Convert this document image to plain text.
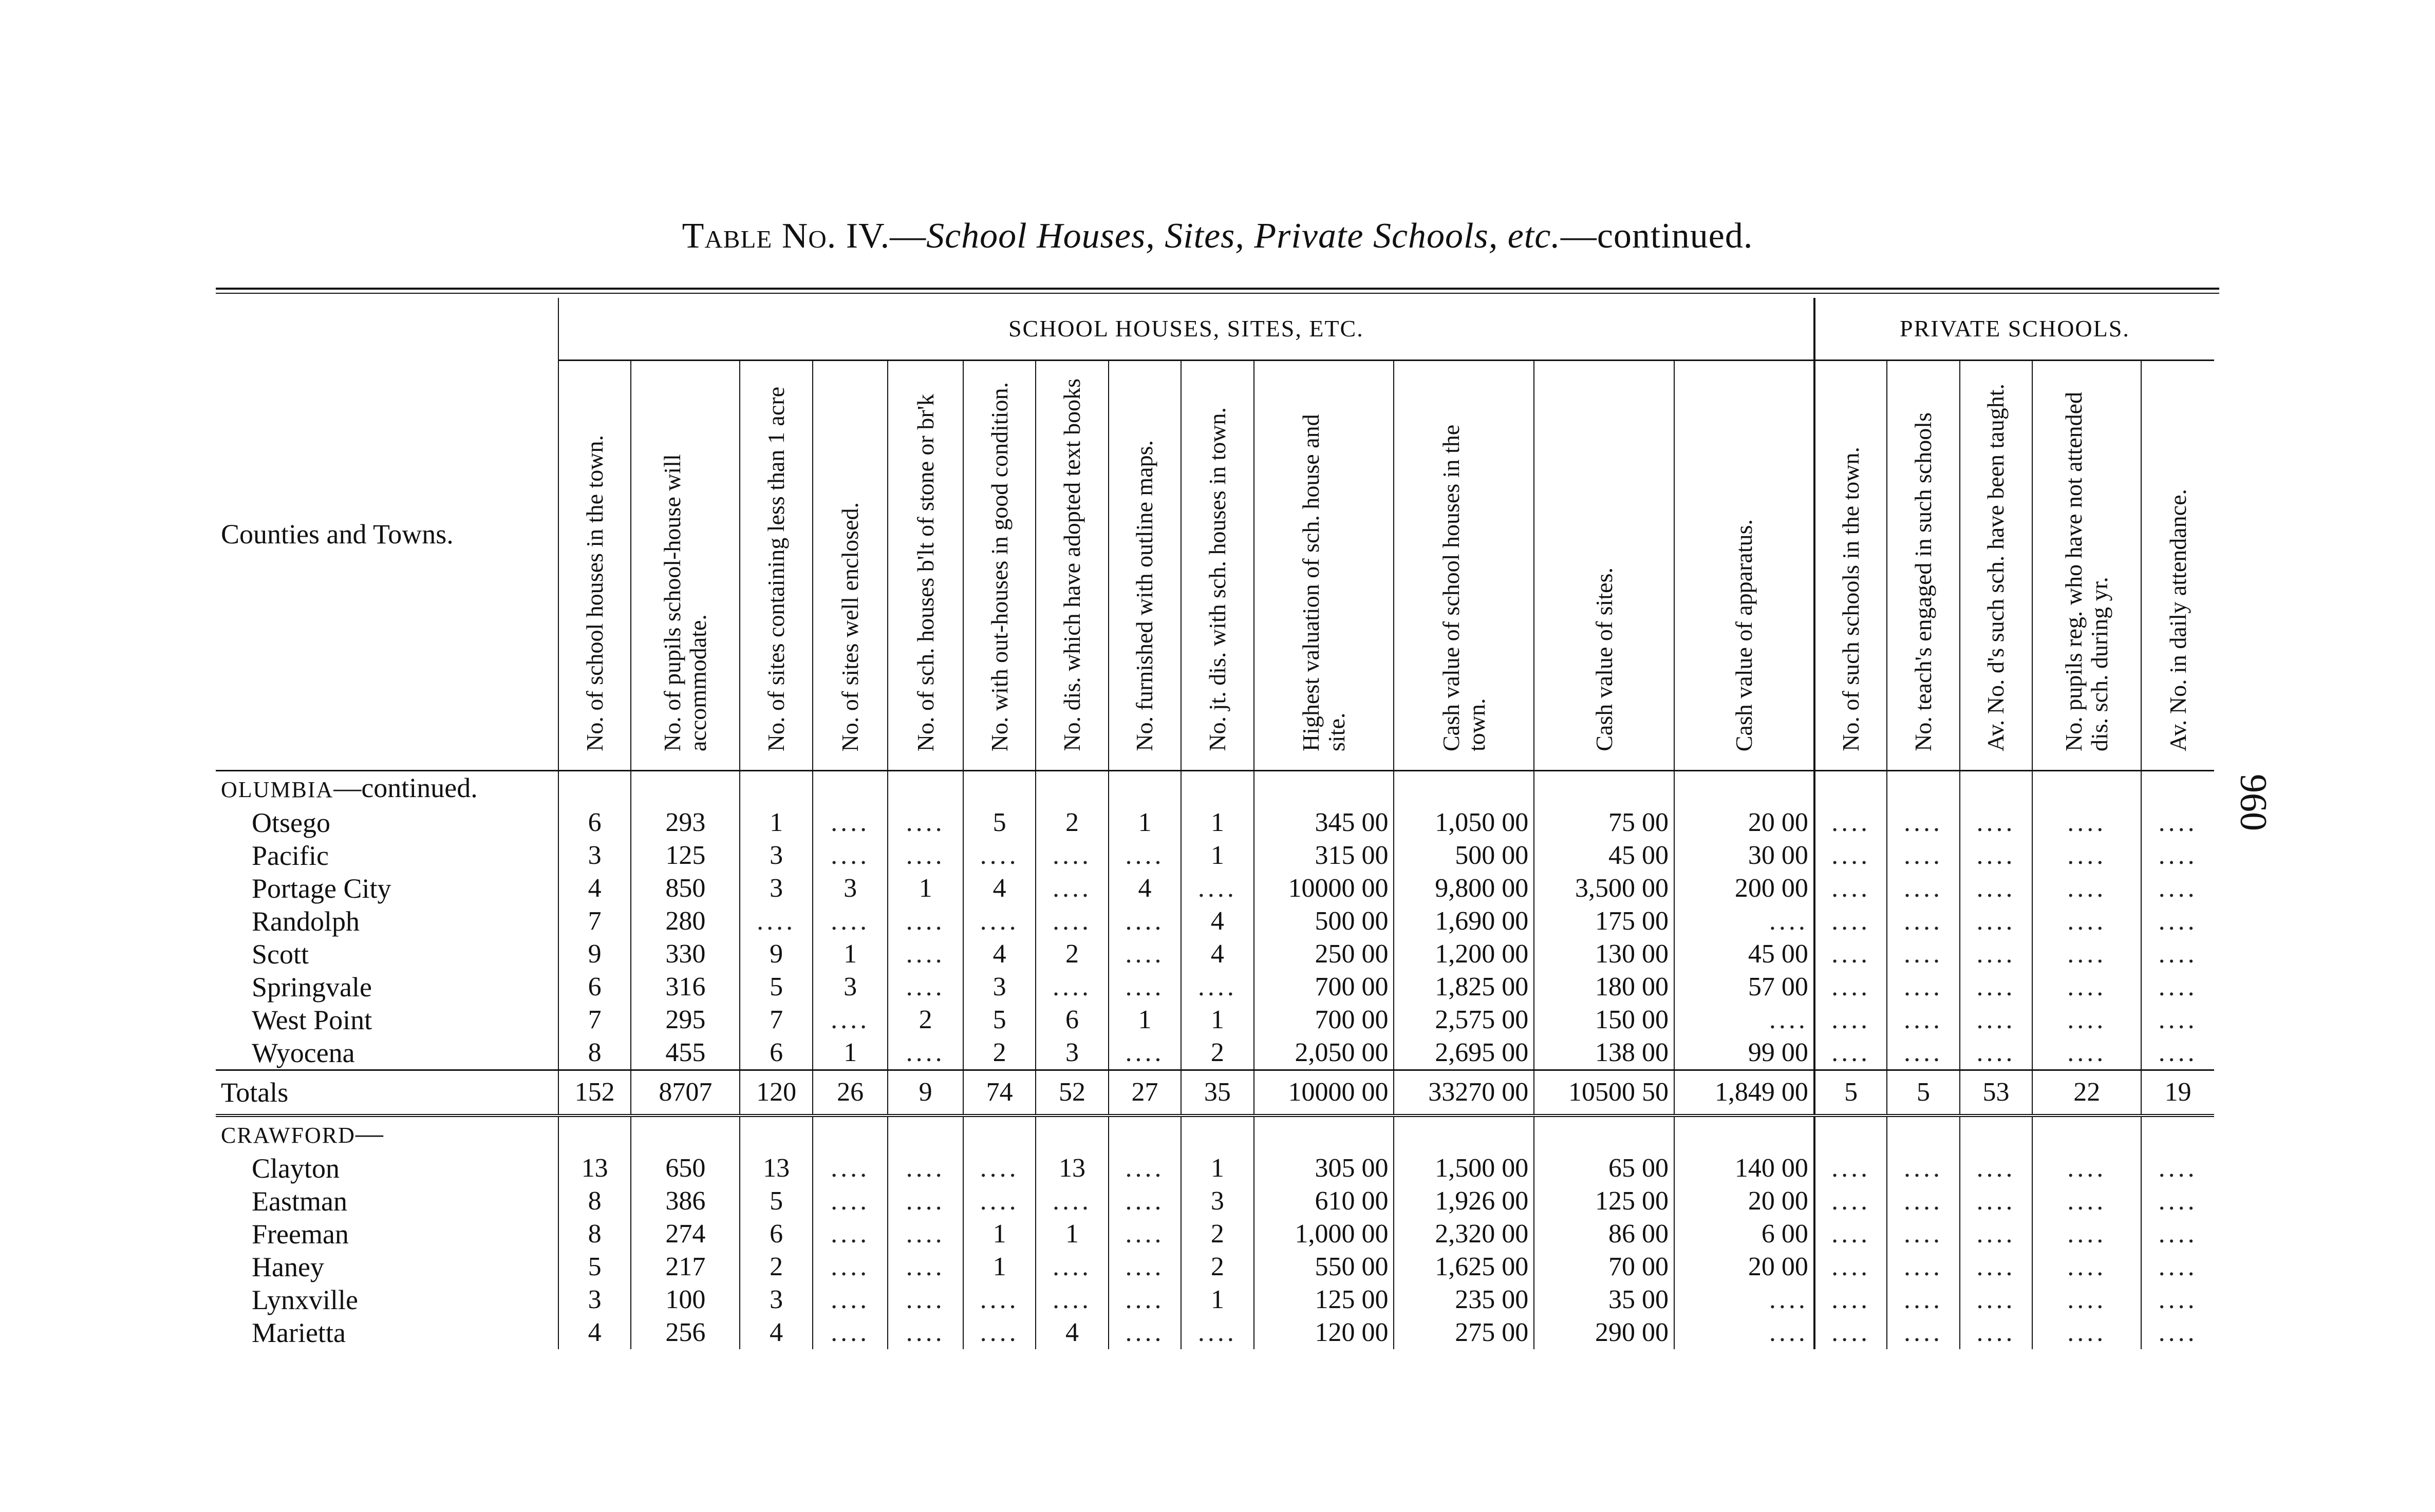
Table No. IV.—School Houses, Sites, Private Schools, etc.—continued.
960
Counties and Towns.	SCHOOL HOUSES, SITES, ETC.													PRIVATE SCHOOLS.				
	No. of school houses in the town.	No. of pupils school-house will accommodate.	No. of sites containing less than 1 acre	No. of sites well enclosed.	No. of sch. houses b'lt of stone or br'k	No. with out-houses in good condition.	No. dis. which have adopted text books	No. furnished with outline maps.	No. jt. dis. with sch. houses in town.	Highest valuation of sch. house and site.	Cash value of school houses in the town.	Cash value of sites.	Cash value of apparatus.	No. of such schools in the town.	No. teach's engaged in such schools	Av. No. d's such sch. have been taught.	No. pupils reg. who have not attended dis. sch. during yr.	Av. No. in daily attendance.
OLUMBIA—continued.																		
Otsego	6	293	1	....	....	5	2	1	1	345 00	1,050 00	75 00	20 00	....	....	....	....	....
Pacific	3	125	3	....	....	....	....	....	1	315 00	500 00	45 00	30 00	....	....	....	....	....
Portage City	4	850	3	3	1	4	....	4	....	10000 00	9,800 00	3,500 00	200 00	....	....	....	....	....
Randolph	7	280	....	....	....	....	....	....	4	500 00	1,690 00	175 00	....	....	....	....	....	....
Scott	9	330	9	1	....	4	2	....	4	250 00	1,200 00	130 00	45 00	....	....	....	....	....
Springvale	6	316	5	3	....	3	....	....	....	700 00	1,825 00	180 00	57 00	....	....	....	....	....
West Point	7	295	7	....	2	5	6	1	1	700 00	2,575 00	150 00	....	....	....	....	....	....
Wyocena	8	455	6	1	....	2	3	....	2	2,050 00	2,695 00	138 00	99 00	....	....	....	....	....
Totals	152	8707	120	26	9	74	52	27	35	10000 00	33270 00	10500 50	1,849 00	5	5	53	22	19
CRAWFORD—																		
Clayton	13	650	13	....	....	....	13	....	1	305 00	1,500 00	65 00	140 00	....	....	....	....	....
Eastman	8	386	5	....	....	....	....	....	3	610 00	1,926 00	125 00	20 00	....	....	....	....	....
Freeman	8	274	6	....	....	1	1	....	2	1,000 00	2,320 00	86 00	6 00	....	....	....	....	....
Haney	5	217	2	....	....	1	....	....	2	550 00	1,625 00	70 00	20 00	....	....	....	....	....
Lynxville	3	100	3	....	....	....	....	....	1	125 00	235 00	35 00	....	....	....	....	....	....
Marietta	4	256	4	....	....	....	4	....	....	120 00	275 00	290 00	....	....	....	....	....	....
